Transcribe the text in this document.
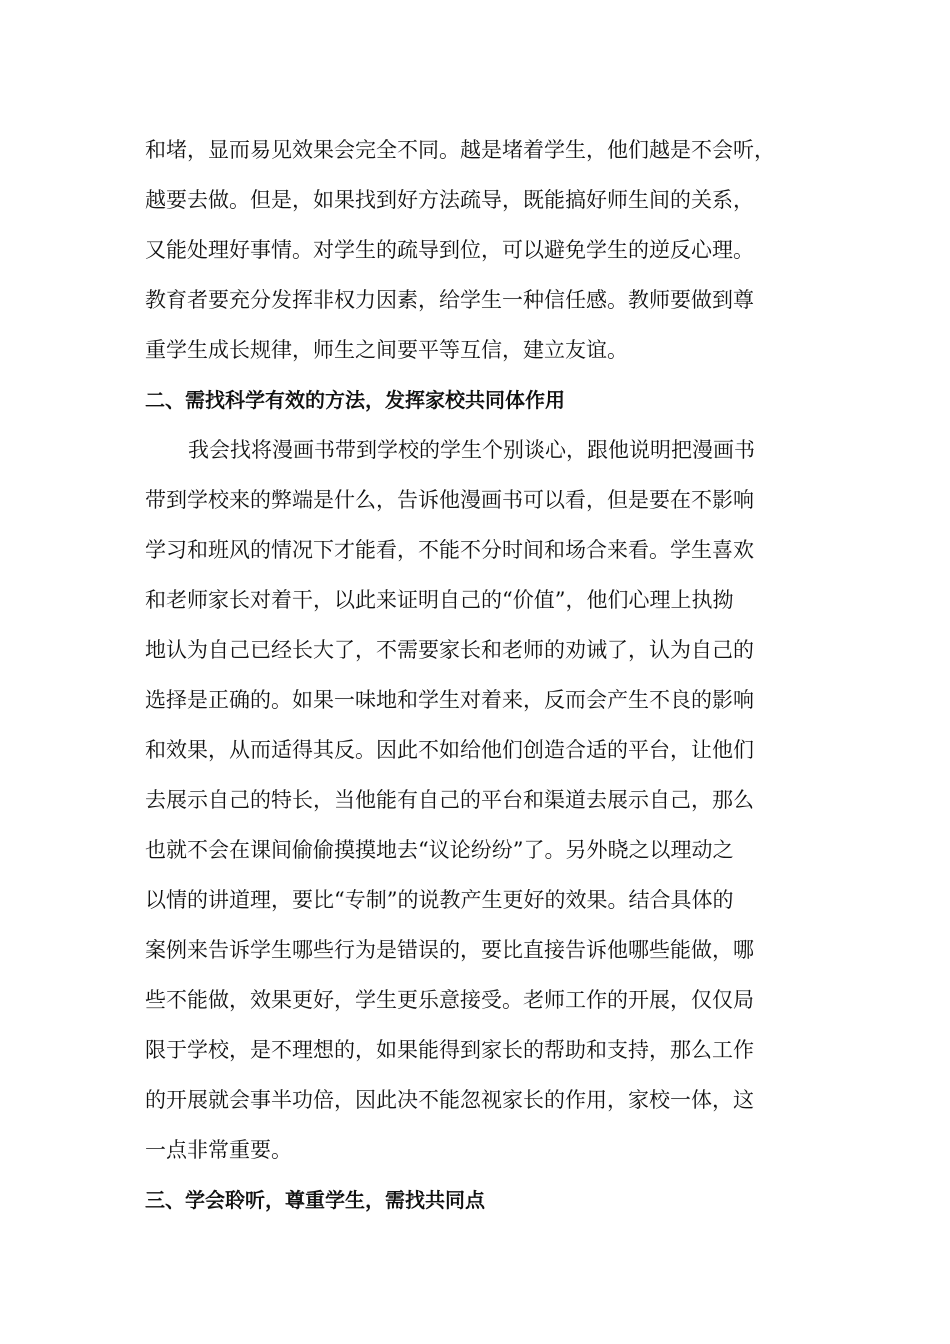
和堵，显而易见效果会完全不同。越是堵着学生，他们越是不会听，

越要去做。但是，如果找到好方法疏导，既能搞好师生间的关系，

又能处理好事情。对学生的疏导到位，可以避免学生的逆反心理。

教育者要充分发挥非权力因素，给学生一种信任感。教师要做到尊

重学生成长规律，师生之间要平等互信，建立友谊。

二、需找科学有效的方法，发挥家校共同体作用

我会找将漫画书带到学校的学生个别谈心，跟他说明把漫画书

带到学校来的弊端是什么，告诉他漫画书可以看，但是要在不影响

学习和班风的情况下才能看，不能不分时间和场合来看。学生喜欢

和老师家长对着干，以此来证明自己的“价值”，他们心理上执拗

地认为自己已经长大了，不需要家长和老师的劝诫了，认为自己的

选择是正确的。如果一味地和学生对着来，反而会产生不良的影响

和效果，从而适得其反。因此不如给他们创造合适的平台，让他们

去展示自己的特长，当他能有自己的平台和渠道去展示自己，那么

也就不会在课间偷偷摸摸地去“议论纷纷”了。另外晓之以理动之

以情的讲道理，要比“专制”的说教产生更好的效果。结合具体的

案例来告诉学生哪些行为是错误的，要比直接告诉他哪些能做，哪

些不能做，效果更好，学生更乐意接受。老师工作的开展，仅仅局

限于学校，是不理想的，如果能得到家长的帮助和支持，那么工作

的开展就会事半功倍，因此决不能忽视家长的作用，家校一体，这

一点非常重要。

三、学会聆听，尊重学生，需找共同点
